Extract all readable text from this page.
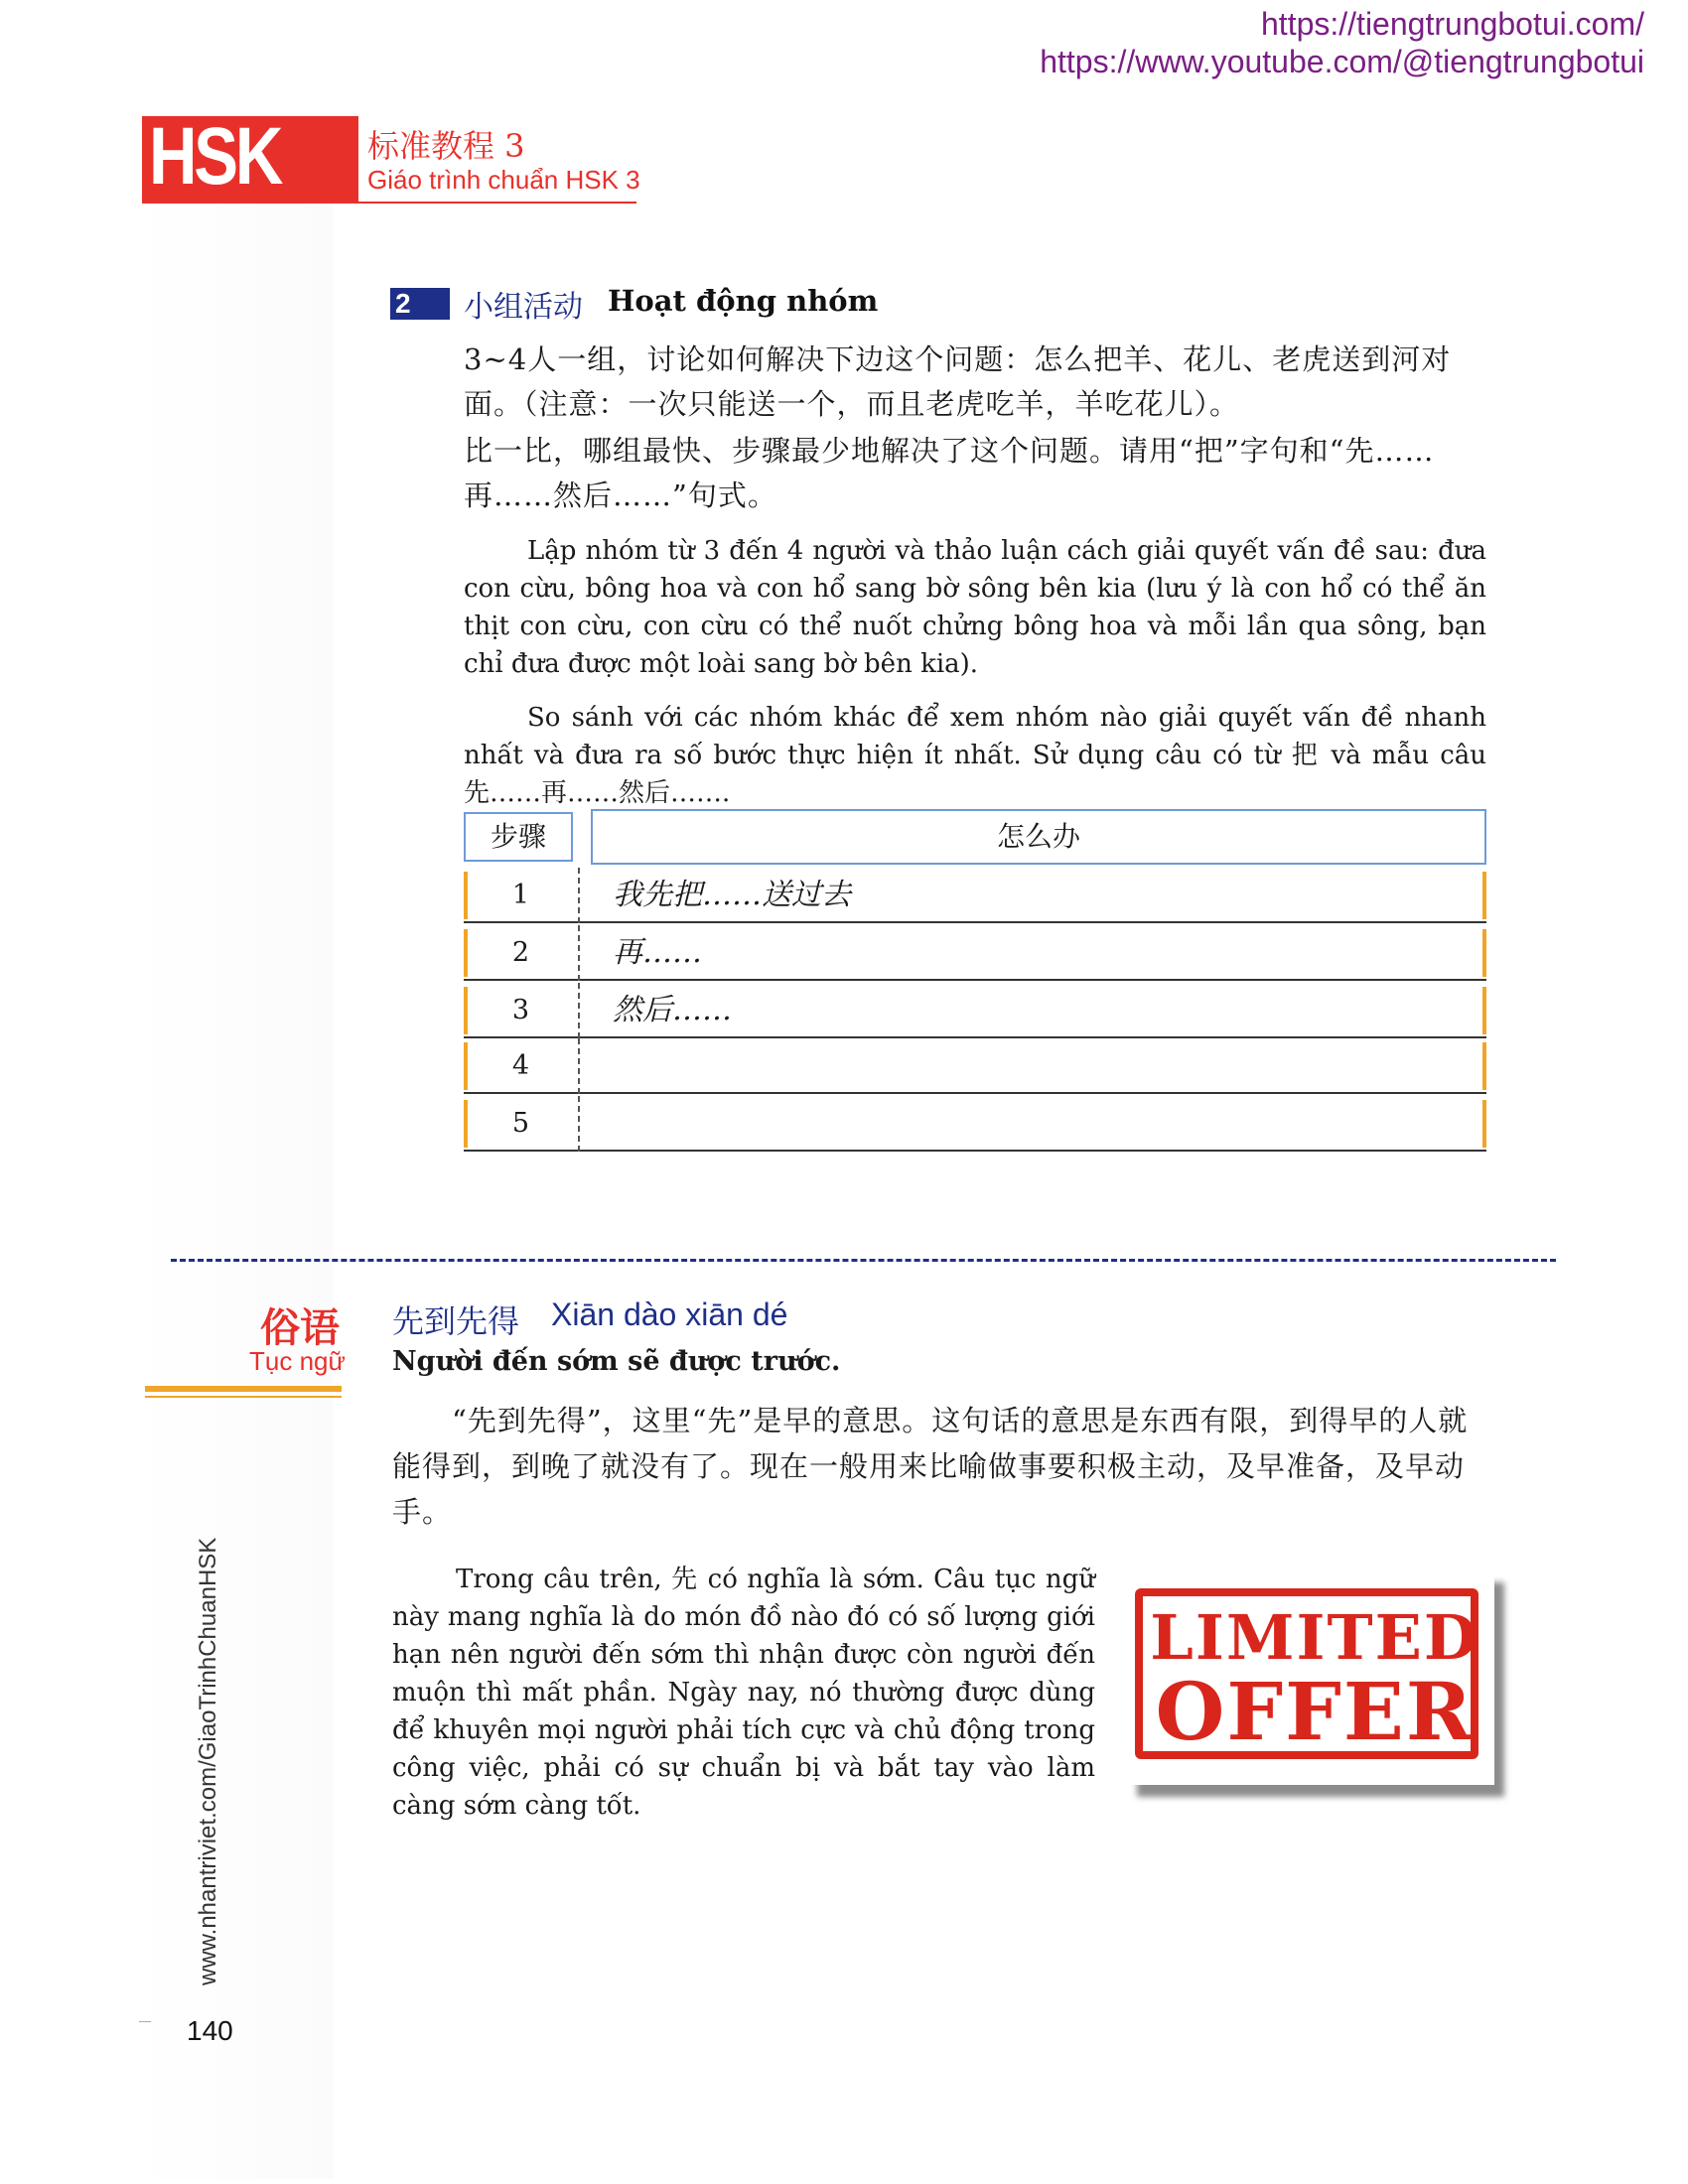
https://tiengtrungbotui.com/
https://www.youtube.com/@tiengtrungbotui
HSK	标准教程 3
Giáo trình chuẩn HSK 3
2	小组活动 Hoạt động nhóm
3~4人一组，讨论如何解决下边这个问题：怎么把羊、花儿、老虎送到河对面。（注意：一次只能送一个，而且老虎吃羊，羊吃花儿）。
比一比，哪组最快、步骤最少地解决了这个问题。请用“把”字句和“先……再……然后……”句式。
Lập nhóm từ 3 đến 4 người và thảo luận cách giải quyết vấn đề sau: đưa con cừu, bông hoa và con hổ sang bờ sông bên kia (lưu ý là con hổ có thể ăn thịt con cừu, con cừu có thể nuốt chửng bông hoa và mỗi lần qua sông, bạn chỉ đưa được một loài sang bờ bên kia).
So sánh với các nhóm khác để xem nhóm nào giải quyết vấn đề nhanh nhất và đưa ra số bước thực hiện ít nhất. Sử dụng câu có từ 把 và mẫu câu 先……再……然后…….
步骤	怎么办
1	我先把……送过去
2	再……
3	然后……
4
5
俗语
Tục ngữ
先到先得 Xiān dào xiān dé
Người đến sớm sẽ được trước.
“先到先得”，这里“先”是早的意思。这句话的意思是东西有限，到得早的人就能得到，到晚了就没有了。现在一般用来比喻做事要积极主动，及早准备，及早动手。
Trong câu trên, 先 có nghĩa là sớm. Câu tục ngữ này mang nghĩa là do món đồ nào đó có số lượng giới hạn nên người đến sớm thì nhận được còn người đến muộn thì mất phần. Ngày nay, nó thường được dùng để khuyên mọi người phải tích cực và chủ động trong công việc, phải có sự chuẩn bị và bắt tay vào làm càng sớm càng tốt.
LIMITED
OFFER
www.nhantriviet.com/GiaoTrinhChuanHSK
140
